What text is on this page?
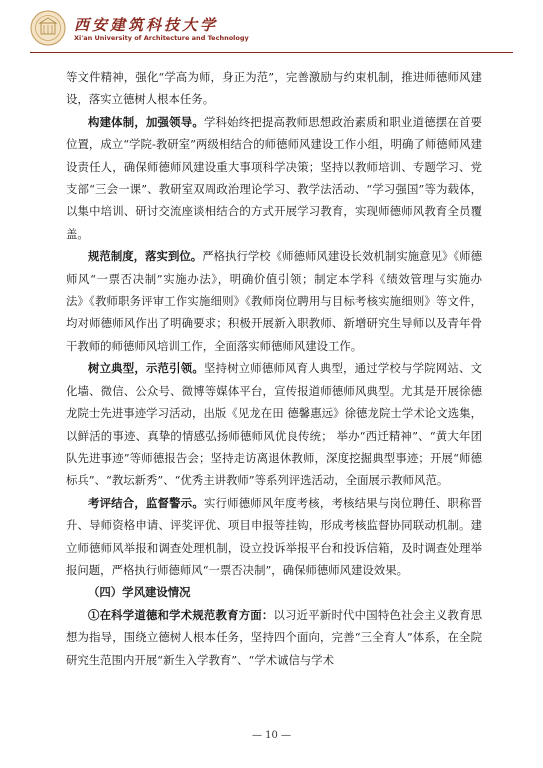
西安建筑科技大学
Xi'an University of Architecture and Technology

等文件精神，强化“学高为师，身正为范”，完善激励与约束机制，推进师德师风建设，落实立德树人根本任务。

构建体制，加强领导。学科始终把提高教师思想政治素质和职业道德摆在首要位置，成立“学院-教研室”两级相结合的师德师风建设工作小组，明确了师德师风建设责任人，确保师德师风建设重大事项科学决策；坚持以教师培训、专题学习、党支部“三会一课”、教研室双周政治理论学习、教学法活动、“学习强国”等为载体，以集中培训、研讨交流座谈相结合的方式开展学习教育，实现师德师风教育全员覆盖。

规范制度，落实到位。严格执行学校《师德师风建设长效机制实施意见》《师德师风“一票否决制”实施办法》，明确价值引领；制定本学科《绩效管理与实施办法》《教师职务评审工作实施细则》《教师岗位聘用与目标考核实施细则》等文件，均对师德师风作出了明确要求；积极开展新入职教师、新增研究生导师以及青年骨干教师的师德师风培训工作，全面落实师德师风建设工作。

树立典型，示范引领。坚持树立师德师风育人典型，通过学校与学院网站、文化墙、微信、公众号、微博等媒体平台，宣传报道师德师风典型。尤其是开展徐德龙院士先进事迹学习活动，出版《见龙在田 德馨惠远》徐德龙院士学术论文选集，以鲜活的事迹、真挚的情感弘扬师德师风优良传统； 举办“西迁精神”、“黄大年团队先进事迹”等师德报告会；坚持走访离退休教师，深度挖掘典型事迹；开展“师德标兵”、“教坛新秀”、“优秀主讲教师”等系列评选活动，全面展示教师风范。

考评结合，监督警示。实行师德师风年度考核，考核结果与岗位聘任、职称晋升、导师资格申请、评奖评优、项目申报等挂钩，形成考核监督协同联动机制。建立师德师风举报和调查处理机制，设立投诉举报平台和投诉信箱，及时调查处理举报问题，严格执行师德师风“一票否决制”，确保师德师风建设效果。

（四）学风建设情况

①在科学道德和学术规范教育方面：以习近平新时代中国特色社会主义教育思想为指导，围绕立德树人根本任务，坚持四个面向，完善“三全育人”体系，在全院研究生范围内开展“新生入学教育”、“学术诚信与学术

— 10 —
